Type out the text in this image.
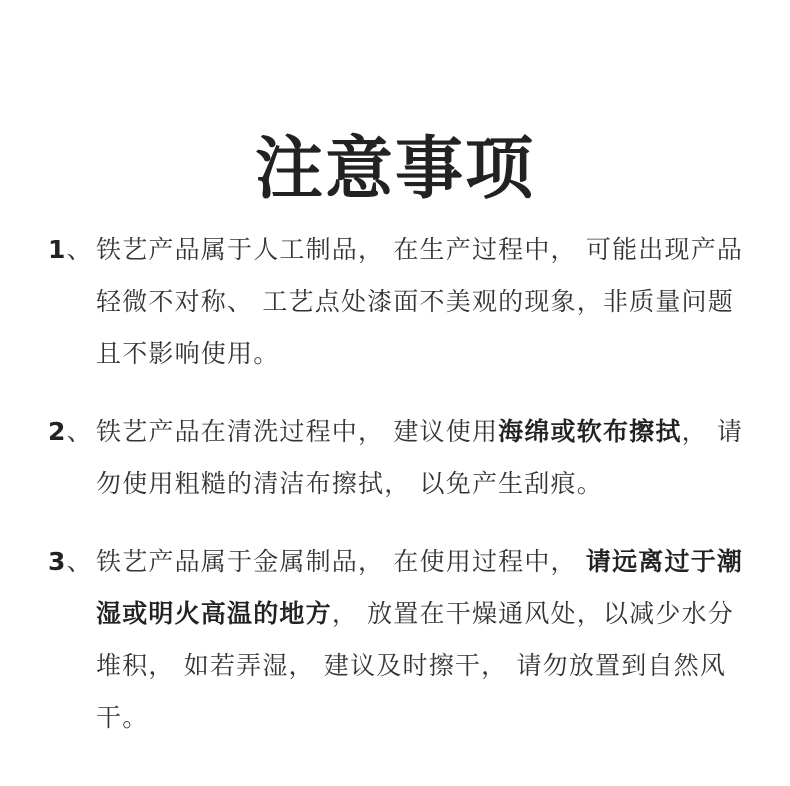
注意事项
1、 铁艺产品属于人工制品， 在生产过程中， 可能出现产品轻微不对称、 工艺点处漆面不美观的现象，非质量问题且不影响使用。
2、 铁艺产品在清洗过程中， 建议使用海绵或软布擦拭， 请勿使用粗糙的清洁布擦拭， 以免产生刮痕。
3、 铁艺产品属于金属制品， 在使用过程中， 请远离过于潮湿或明火高温的地方， 放置在干燥通风处，以减少水分堆积， 如若弄湿， 建议及时擦干， 请勿放置到自然风干。
